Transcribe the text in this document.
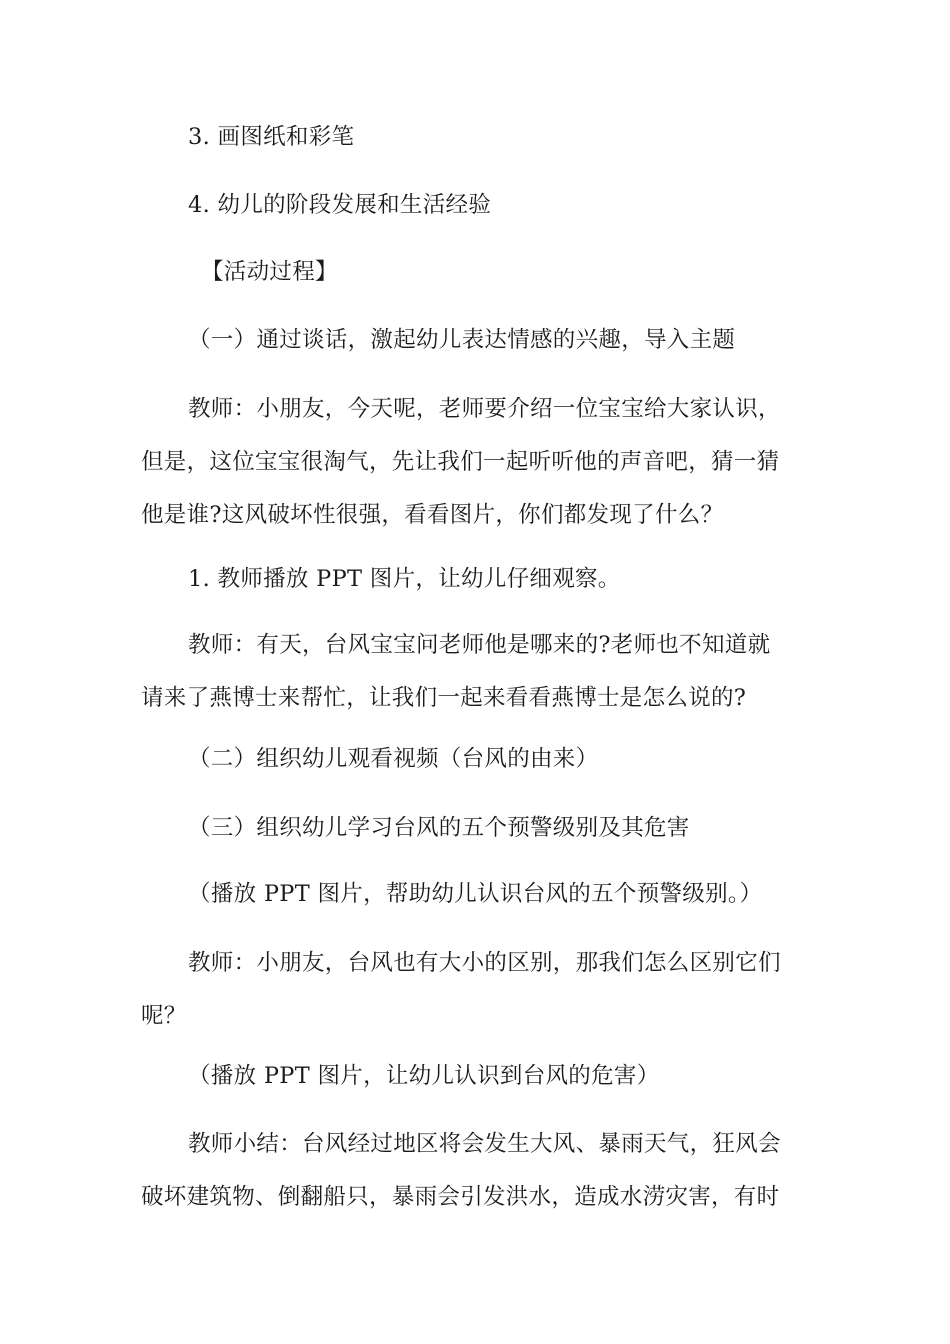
3. 画图纸和彩笔

4. 幼儿的阶段发展和生活经验

【活动过程】

（一）通过谈话，激起幼儿表达情感的兴趣，导入主题

教师：小朋友，今天呢，老师要介绍一位宝宝给大家认识，
但是，这位宝宝很淘气，先让我们一起听听他的声音吧，猜一猜
他是谁?这风破坏性很强，看看图片，你们都发现了什么？

1. 教师播放 PPT 图片，让幼儿仔细观察。

教师：有天，台风宝宝问老师他是哪来的?老师也不知道就
请来了燕博士来帮忙，让我们一起来看看燕博士是怎么说的?

（二）组织幼儿观看视频（台风的由来）

（三）组织幼儿学习台风的五个预警级别及其危害

（播放 PPT 图片，帮助幼儿认识台风的五个预警级别。）

教师：小朋友，台风也有大小的区别，那我们怎么区别它们
呢？

（播放 PPT 图片，让幼儿认识到台风的危害）

教师小结：台风经过地区将会发生大风、暴雨天气，狂风会
破坏建筑物、倒翻船只，暴雨会引发洪水，造成水涝灾害，有时
